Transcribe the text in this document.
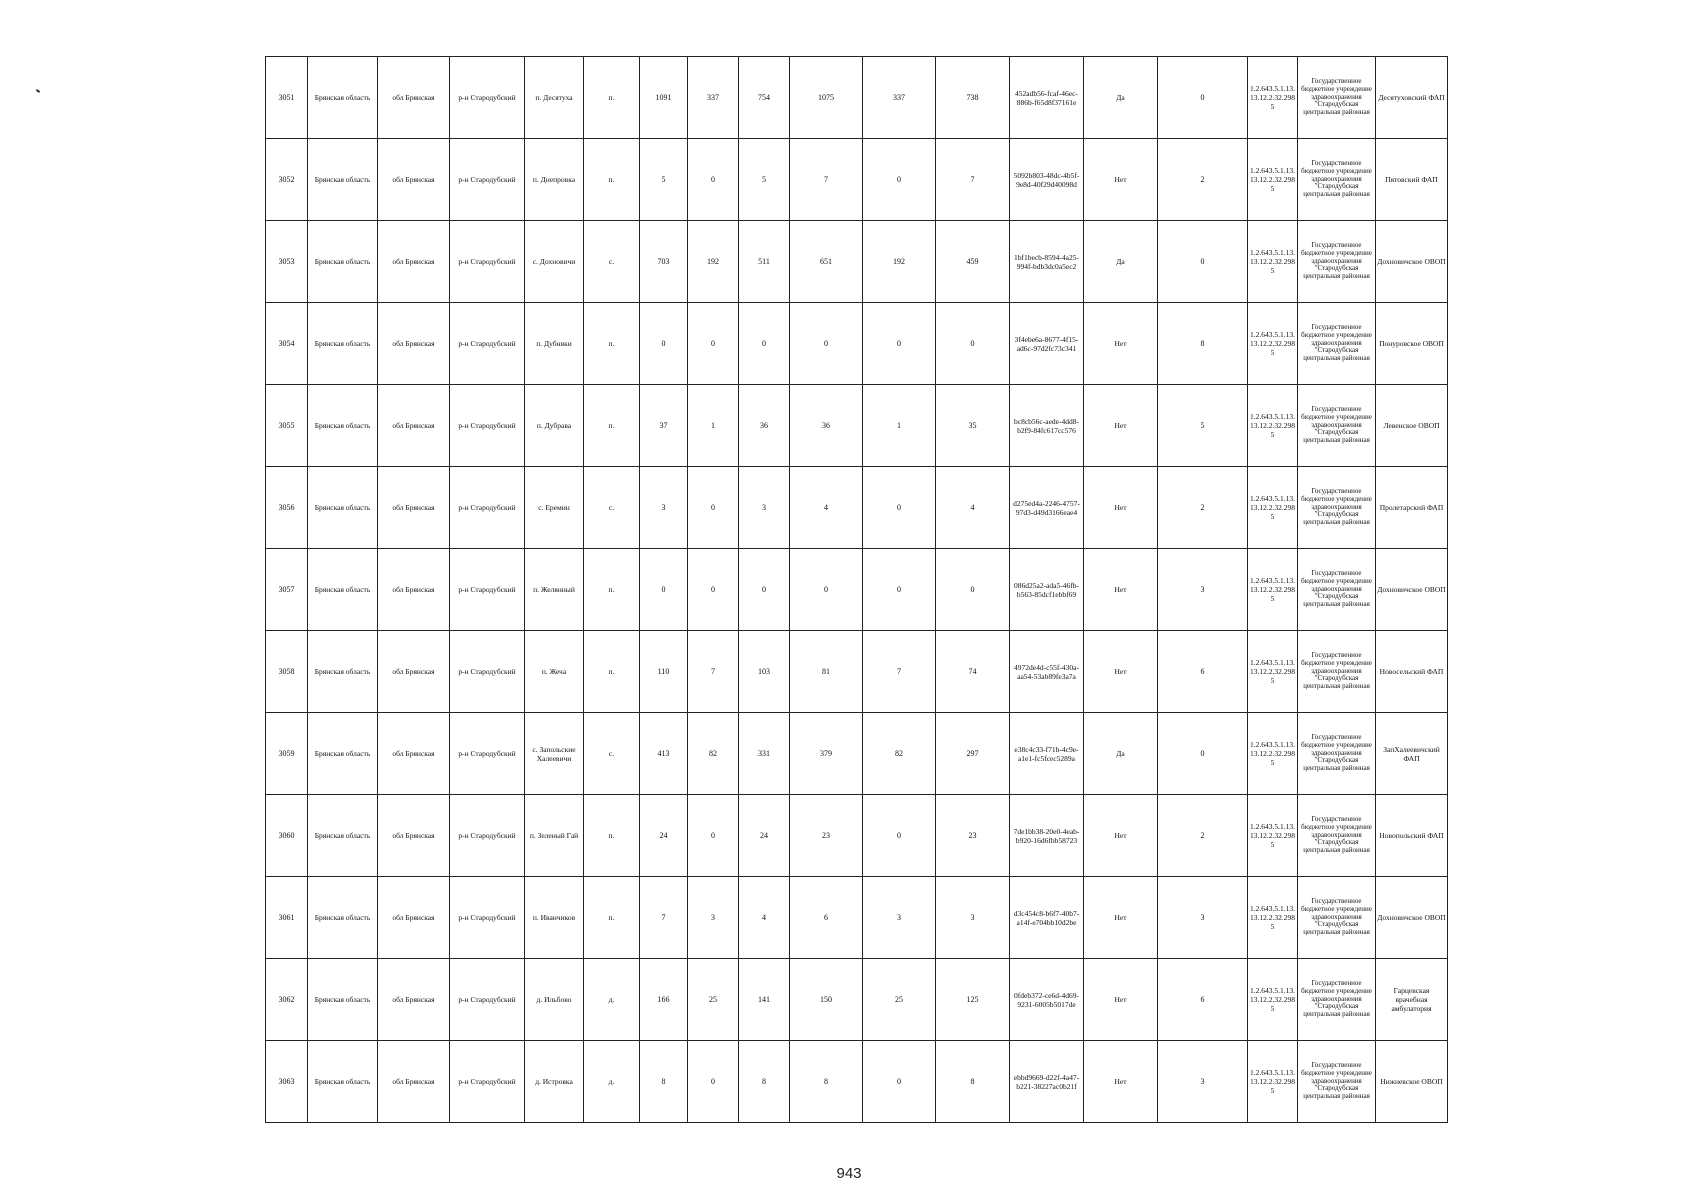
3051	Брянская область	обл Брянская	р-н Стародубский	п. Десятуха	п.	1091	337	754	1075	337	738	452adb56-fcaf-46ec-886b-f65d8f37161e	Да	0	1.2.643.5.1.13.13.12.2.32.2985	Государственное бюджетное учреждение здравоохранения "Стародубская центральная районная	Десятуховский ФАП
3052	Брянская область	обл Брянская	р-н Стародубский	п. Днепровка	п.	5	0	5	7	0	7	5092b803-48dc-4b5f-9e8d-40f29d40098d	Нет	2	1.2.643.5.1.13.13.12.2.32.2985	Государственное бюджетное учреждение здравоохранения "Стародубская центральная районная	Пятовский ФАП
3053	Брянская область	обл Брянская	р-н Стародубский	с. Дохновичи	с.	703	192	511	651	192	459	1bf1becb-8594-4a25-994f-bdb3dc0a5ec2	Да	0	1.2.643.5.1.13.13.12.2.32.2985	Государственное бюджетное учреждение здравоохранения "Стародубская центральная районная	Дохновичское ОВОП
3054	Брянская область	обл Брянская	р-н Стародубский	п. Дубняки	п.	0	0	0	0	0	0	3f4ebe6a-8677-4f15-ad6c-97d2fc73c341	Нет	8	1.2.643.5.1.13.13.12.2.32.2985	Государственное бюджетное учреждение здравоохранения "Стародубская центральная районная	Понуровское ОВОП
3055	Брянская область	обл Брянская	р-н Стародубский	п. Дубрава	п.	37	1	36	36	1	35	bc8cb56c-aede-4dd8-b2f9-84fc617cc576	Нет	5	1.2.643.5.1.13.13.12.2.32.2985	Государственное бюджетное учреждение здравоохранения "Стародубская центральная районная	Левенское ОВОП
3056	Брянская область	обл Брянская	р-н Стародубский	с. Еремин	с.	3	0	3	4	0	4	d275ed4a-2246-4757-97d3-d49d3166eae4	Нет	2	1.2.643.5.1.13.13.12.2.32.2985	Государственное бюджетное учреждение здравоохранения "Стародубская центральная районная	Пролетарский ФАП
3057	Брянская область	обл Брянская	р-н Стародубский	п. Желянный	п.	0	0	0	0	0	0	086d25a2-ada5-46fb-b563-85dcf1ebbf69	Нет	3	1.2.643.5.1.13.13.12.2.32.2985	Государственное бюджетное учреждение здравоохранения "Стародубская центральная районная	Дохновичское ОВОП
3058	Брянская область	обл Брянская	р-н Стародубский	п. Жеча	п.	110	7	103	81	7	74	4972de4d-c55f-430a-aa54-53ab89fe3a7a	Нет	6	1.2.643.5.1.13.13.12.2.32.2985	Государственное бюджетное учреждение здравоохранения "Стародубская центральная районная	Новосельский ФАП
3059	Брянская область	обл Брянская	р-н Стародубский	с. Запольские Халеевичи	с.	413	82	331	379	82	297	e38c4c33-f71b-4c9e-a1e1-fc5fcec5289a	Да	0	1.2.643.5.1.13.13.12.2.32.2985	Государственное бюджетное учреждение здравоохранения "Стародубская центральная районная	ЗапХалеевичский ФАП
3060	Брянская область	обл Брянская	р-н Стародубский	п. Зеленый Гай	п.	24	0	24	23	0	23	7de1bb38-20e0-4eab-b920-16d6fbb58723	Нет	2	1.2.643.5.1.13.13.12.2.32.2985	Государственное бюджетное учреждение здравоохранения "Стародубская центральная районная	Новопольский ФАП
3061	Брянская область	обл Брянская	р-н Стародубский	п. Иванчиков	п.	7	3	4	6	3	3	d3c454c8-b6f7-40b7-a14f-e704bb10d2be	Нет	3	1.2.643.5.1.13.13.12.2.32.2985	Государственное бюджетное учреждение здравоохранения "Стародубская центральная районная	Дохновичское ОВОП
3062	Брянская область	обл Брянская	р-н Стародубский	д. Ильбово	д.	166	25	141	150	25	125	0fdeb372-ce6d-4d69-9231-6005b5017de	Нет	6	1.2.643.5.1.13.13.12.2.32.2985	Государственное бюджетное учреждение здравоохранения "Стародубская центральная районная	Гарцевская врачебная амбулатория
3063	Брянская область	обл Брянская	р-н Стародубский	д. Истровка	д.	8	0	8	8	0	8	ebbd9669-d22f-4a47-b221-38227ac0b21f	Нет	3	1.2.643.5.1.13.13.12.2.32.2985	Государственное бюджетное учреждение здравоохранения "Стародубская центральная районная	Нижневское ОВОП
943
